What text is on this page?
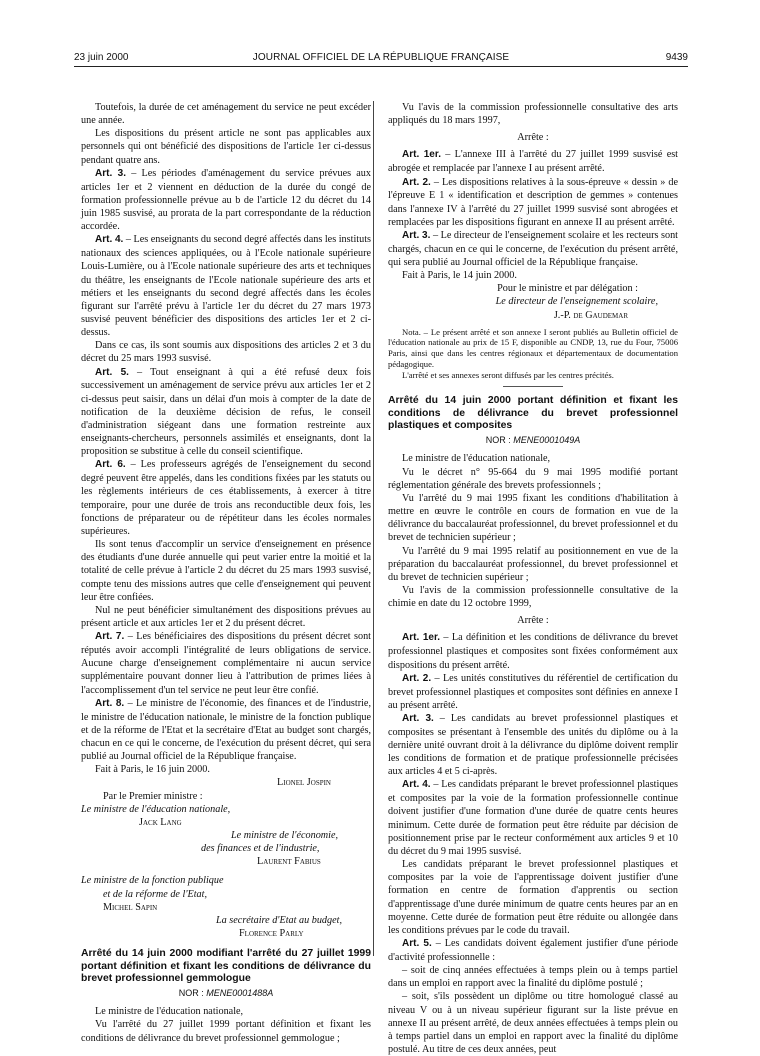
23 juin 2000	JOURNAL OFFICIEL DE LA RÉPUBLIQUE FRANÇAISE	9439

Toutefois, la durée de cet aménagement du service ne peut excéder une année.

Les dispositions du présent article ne sont pas applicables aux personnels qui ont bénéficié des dispositions de l'article 1er ci-dessus pendant quatre ans.

Art. 3. – Les périodes d'aménagement du service prévues aux articles 1er et 2 viennent en déduction de la durée du congé de formation professionnelle prévue au b de l'article 12 du décret du 14 juin 1985 susvisé, au prorata de la part correspondante de la réduction accordée.

Art. 4. – Les enseignants du second degré affectés dans les instituts nationaux des sciences appliquées, ou à l'Ecole nationale supérieure Louis-Lumière, ou à l'Ecole nationale supérieure des arts et techniques du théâtre, les enseignants de l'Ecole nationale supérieure des arts et métiers et les enseignants du second degré affectés dans les écoles figurant sur l'arrêté prévu à l'article 1er du décret du 27 mars 1973 susvisé peuvent bénéficier des dispositions des articles 1er et 2 ci-dessus.

Dans ce cas, ils sont soumis aux dispositions des articles 2 et 3 du décret du 25 mars 1993 susvisé.

Art. 5. – Tout enseignant à qui a été refusé deux fois successivement un aménagement de service prévu aux articles 1er et 2 ci-dessus peut saisir, dans un délai d'un mois à compter de la date de notification de la deuxième décision de refus, le conseil d'administration siégeant dans une formation restreinte aux enseignants-chercheurs, personnels assimilés et enseignants, dont la proposition se substitue à celle du conseil scientifique.

Art. 6. – Les professeurs agrégés de l'enseignement du second degré peuvent être appelés, dans les conditions fixées par les statuts ou les règlements intérieurs de ces établissements, à exercer à titre temporaire, pour une durée de trois ans reconductible deux fois, les fonctions de préparateur ou de répétiteur dans les écoles normales supérieures.

Ils sont tenus d'accomplir un service d'enseignement en présence des étudiants d'une durée annuelle qui peut varier entre la moitié et la totalité de celle prévue à l'article 2 du décret du 25 mars 1993 susvisé, compte tenu des missions autres que celle d'enseignement qui peuvent leur être confiées.

Nul ne peut bénéficier simultanément des dispositions prévues au présent article et aux articles 1er et 2 du présent décret.

Art. 7. – Les bénéficiaires des dispositions du présent décret sont réputés avoir accompli l'intégralité de leurs obligations de service. Aucune charge d'enseignement complémentaire ni aucun service supplémentaire pouvant donner lieu à l'attribution de primes liées à l'accomplissement d'un tel service ne peut leur être confié.

Art. 8. – Le ministre de l'économie, des finances et de l'industrie, le ministre de l'éducation nationale, le ministre de la fonction publique et de la réforme de l'Etat et la secrétaire d'Etat au budget sont chargés, chacun en ce qui le concerne, de l'exécution du présent décret, qui sera publié au Journal officiel de la République française.

Fait à Paris, le 16 juin 2000.

Lionel Jospin

Par le Premier ministre :

Le ministre de l'éducation nationale,

Jack Lang

Le ministre de l'économie,

des finances et de l'industrie,

Laurent Fabius

Le ministre de la fonction publique

et de la réforme de l'Etat,

Michel Sapin

La secrétaire d'Etat au budget,

Florence Parly

Arrêté du 14 juin 2000 modifiant l'arrêté du 27 juillet 1999 portant définition et fixant les conditions de délivrance du brevet professionnel gemmologue
NOR : MENE0001488A

Le ministre de l'éducation nationale,

Vu l'arrêté du 27 juillet 1999 portant définition et fixant les conditions de délivrance du brevet professionnel gemmologue ;

Vu l'avis de la commission professionnelle consultative des arts appliqués du 18 mars 1997,

Arrête :

Art. 1er. – L'annexe III à l'arrêté du 27 juillet 1999 susvisé est abrogée et remplacée par l'annexe I au présent arrêté.

Art. 2. – Les dispositions relatives à la sous-épreuve « dessin » de l'épreuve E 1 « identification et description de gemmes » contenues dans l'annexe IV à l'arrêté du 27 juillet 1999 susvisé sont abrogées et remplacées par les dispositions figurant en annexe II au présent arrêté.

Art. 3. – Le directeur de l'enseignement scolaire et les recteurs sont chargés, chacun en ce qui le concerne, de l'exécution du présent arrêté, qui sera publié au Journal officiel de la République française.

Fait à Paris, le 14 juin 2000.

Pour le ministre et par délégation :

Le directeur de l'enseignement scolaire,

J.-P. de Gaudemar

Nota. – Le présent arrêté et son annexe I seront publiés au Bulletin officiel de l'éducation nationale au prix de 15 F, disponible au CNDP, 13, rue du Four, 75006 Paris, ainsi que dans les centres régionaux et départementaux de documentation pédagogique.

L'arrêté et ses annexes seront diffusés par les centres précités.

Arrêté du 14 juin 2000 portant définition et fixant les conditions de délivrance du brevet professionnel plastiques et composites
NOR : MENE0001049A

Le ministre de l'éducation nationale,

Vu le décret n° 95-664 du 9 mai 1995 modifié portant réglementation générale des brevets professionnels ;

Vu l'arrêté du 9 mai 1995 fixant les conditions d'habilitation à mettre en œuvre le contrôle en cours de formation en vue de la délivrance du baccalauréat professionnel, du brevet professionnel et du brevet de technicien supérieur ;

Vu l'arrêté du 9 mai 1995 relatif au positionnement en vue de la préparation du baccalauréat professionnel, du brevet professionnel et du brevet de technicien supérieur ;

Vu l'avis de la commission professionnelle consultative de la chimie en date du 12 octobre 1999,

Arrête :

Art. 1er. – La définition et les conditions de délivrance du brevet professionnel plastiques et composites sont fixées conformément aux dispositions du présent arrêté.

Art. 2. – Les unités constitutives du référentiel de certification du brevet professionnel plastiques et composites sont définies en annexe I au présent arrêté.

Art. 3. – Les candidats au brevet professionnel plastiques et composites se présentant à l'ensemble des unités du diplôme ou à la dernière unité ouvrant droit à la délivrance du diplôme doivent remplir les conditions de formation et de pratique professionnelle précisées aux articles 4 et 5 ci-après.

Art. 4. – Les candidats préparant le brevet professionnel plastiques et composites par la voie de la formation professionnelle continue doivent justifier d'une formation d'une durée de quatre cents heures minimum. Cette durée de formation peut être réduite par décision de positionnement prise par le recteur conformément aux articles 9 et 10 du décret du 9 mai 1995 susvisé.

Les candidats préparant le brevet professionnel plastiques et composites par la voie de l'apprentissage doivent justifier d'une formation en centre de formation d'apprentis ou section d'apprentissage d'une durée minimum de quatre cents heures par an en moyenne. Cette durée de formation peut être réduite ou allongée dans les conditions prévues par le code du travail.

Art. 5. – Les candidats doivent également justifier d'une période d'activité professionnelle :

– soit de cinq années effectuées à temps plein ou à temps partiel dans un emploi en rapport avec la finalité du diplôme postulé ;

– soit, s'ils possèdent un diplôme ou titre homologué classé au niveau V ou à un niveau supérieur figurant sur la liste prévue en annexe II au présent arrêté, de deux années effectuées à temps plein ou à temps partiel dans un emploi en rapport avec la finalité du diplôme postulé. Au titre de ces deux années, peut
